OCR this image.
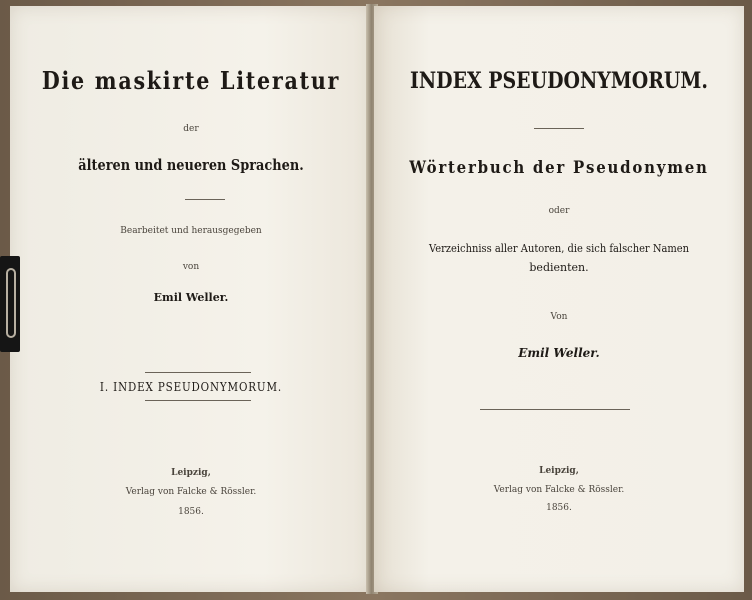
Die maskirte Literatur
der
älteren und neueren Sprachen.
Bearbeitet und herausgegeben
von
Emil Weller.
I. INDEX PSEUDONYMORUM.
Leipzig,
Verlag von Falcke & Rössler.
1856.
INDEX PSEUDONYMORUM.
Wörterbuch der Pseudonymen
oder
Verzeichniss aller Autoren, die sich falscher Namen
bedienten.
Von
Emil Weller.
Leipzig,
Verlag von Falcke & Rössler.
1856.
